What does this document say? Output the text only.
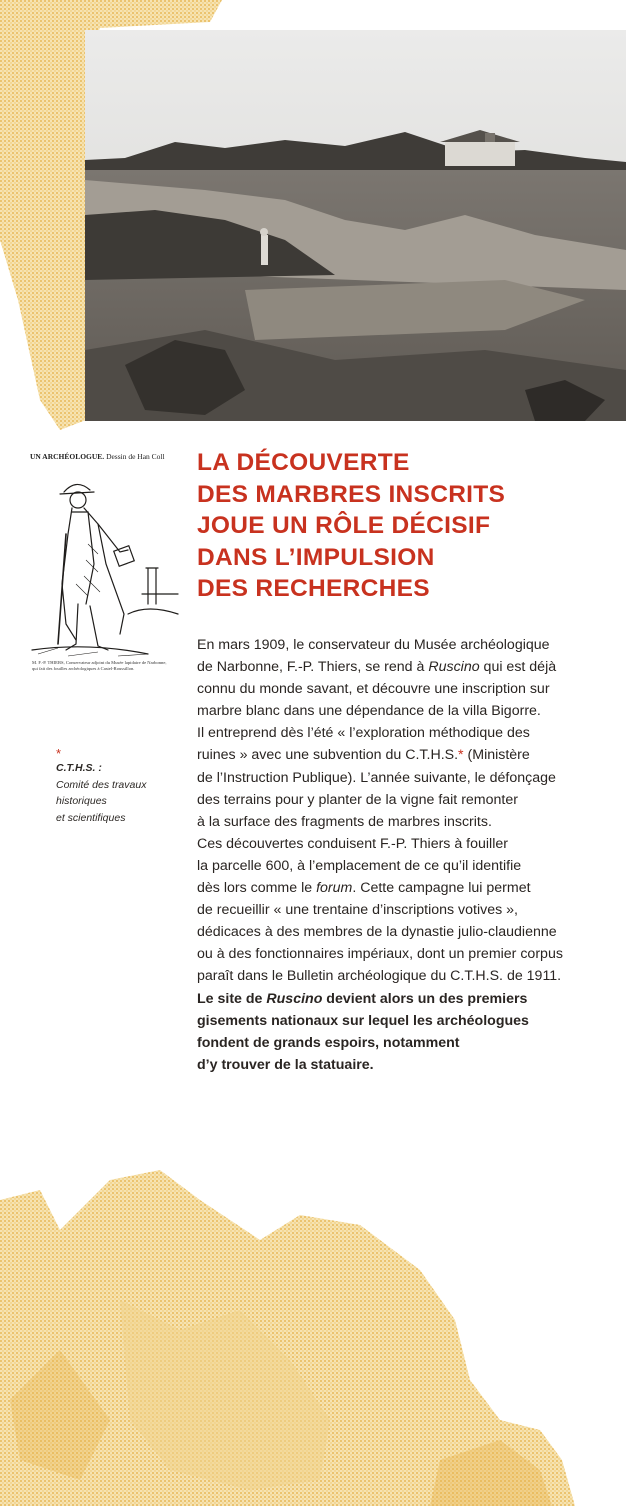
UN ARCHÉOLOGUE. Dessin de Han Coll
M. F.-P. THIERS, Conservateur adjoint du Musée lapidaire de Narbonne,
qui fait des fouilles archéologiques à Castel-Roussillon.
LA DÉCOUVERTE
DES MARBRES INSCRITS
JOUE UN RÔLE DÉCISIF
DANS L’IMPULSION
DES RECHERCHES
*
C.T.H.S. :
Comité des travaux
historiques
et scientifiques
En mars 1909, le conservateur du Musée archéologique
de Narbonne, F.-P. Thiers, se rend à Ruscino qui est déjà
connu du monde savant, et découvre une inscription sur
marbre blanc dans une dépendance de la villa Bigorre.
Il entreprend dès l’été « l’exploration méthodique des
ruines » avec une subvention du C.T.H.S.* (Ministère
de l’Instruction Publique). L’année suivante, le défonçage
des terrains pour y planter de la vigne fait remonter
à la surface des fragments de marbres inscrits.
Ces découvertes conduisent F.-P. Thiers à fouiller
la parcelle 600, à l’emplacement de ce qu’il identifie
dès lors comme le forum. Cette campagne lui permet
de recueillir « une trentaine d’inscriptions votives »,
dédicaces à des membres de la dynastie julio-claudienne
ou à des fonctionnaires impériaux, dont un premier corpus
paraît dans le Bulletin archéologique du C.T.H.S. de 1911.
Le site de Ruscino devient alors un des premiers
gisements nationaux sur lequel les archéologues
fondent de grands espoirs, notamment
d’y trouver de la statuaire.
